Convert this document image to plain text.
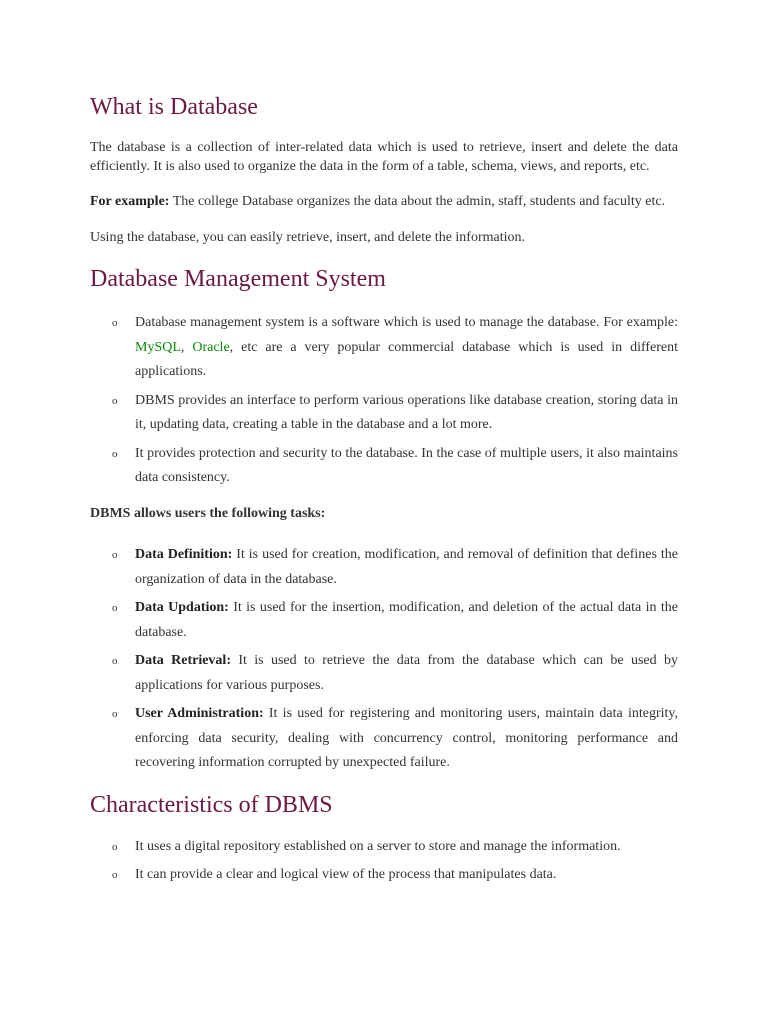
What is Database

The database is a collection of inter-related data which is used to retrieve, insert and delete the data efficiently. It is also used to organize the data in the form of a table, schema, views, and reports, etc.

For example: The college Database organizes the data about the admin, staff, students and faculty etc.

Using the database, you can easily retrieve, insert, and delete the information.

Database Management System
o Database management system is a software which is used to manage the database. For example: MySQL, Oracle, etc are a very popular commercial database which is used in different applications.
o DBMS provides an interface to perform various operations like database creation, storing data in it, updating data, creating a table in the database and a lot more.
o It provides protection and security to the database. In the case of multiple users, it also maintains data consistency.

DBMS allows users the following tasks:

o Data Definition: It is used for creation, modification, and removal of definition that defines the organization of data in the database.
o Data Updation: It is used for the insertion, modification, and deletion of the actual data in the database.
o Data Retrieval: It is used to retrieve the data from the database which can be used by applications for various purposes.
o User Administration: It is used for registering and monitoring users, maintain data integrity, enforcing data security, dealing with concurrency control, monitoring performance and recovering information corrupted by unexpected failure.
Characteristics of DBMS
o It uses a digital repository established on a server to store and manage the information.
o It can provide a clear and logical view of the process that manipulates data.
